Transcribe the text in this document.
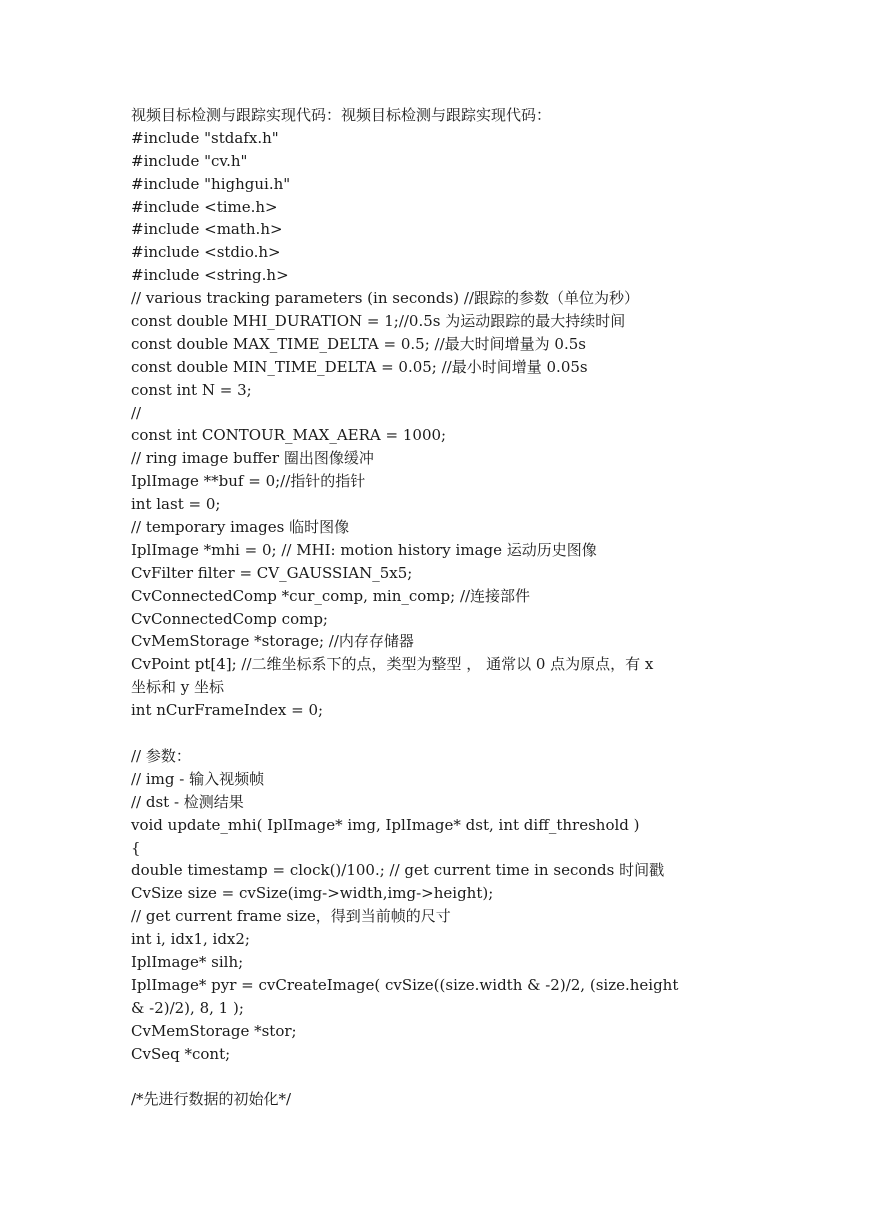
视频目标检测与跟踪实现代码：视频目标检测与跟踪实现代码：
#include "stdafx.h"
#include "cv.h"
#include "highgui.h"
#include <time.h>
#include <math.h>
#include <stdio.h>
#include <string.h>
// various tracking parameters (in seconds) //跟踪的参数（单位为秒）
const double MHI_DURATION = 1;//0.5s 为运动跟踪的最大持续时间
const double MAX_TIME_DELTA = 0.5; //最大时间增量为 0.5s
const double MIN_TIME_DELTA = 0.05; //最小时间增量 0.05s
const int N = 3;
//
const int CONTOUR_MAX_AERA = 1000;
// ring image buffer 圈出图像缓冲
IplImage **buf = 0;//指针的指针
int last = 0;
// temporary images 临时图像
IplImage *mhi = 0; // MHI: motion history image 运动历史图像
CvFilter filter = CV_GAUSSIAN_5x5;
CvConnectedComp *cur_comp, min_comp; //连接部件
CvConnectedComp comp;
CvMemStorage *storage; //内存存储器
CvPoint pt[4]; //二维坐标系下的点，类型为整型 ， 通常以 0 点为原点，有 x
坐标和 y 坐标
int nCurFrameIndex = 0;
// 参数：
// img - 输入视频帧
// dst - 检测结果
void update_mhi( IplImage* img, IplImage* dst, int diff_threshold )
{
double timestamp = clock()/100.; // get current time in seconds 时间戳
CvSize size = cvSize(img->width,img->height);
// get current frame size，得到当前帧的尺寸
int i, idx1, idx2;
IplImage* silh;
IplImage* pyr = cvCreateImage( cvSize((size.width & -2)/2, (size.height
& -2)/2), 8, 1 );
CvMemStorage *stor;
CvSeq *cont;
/*先进行数据的初始化*/
